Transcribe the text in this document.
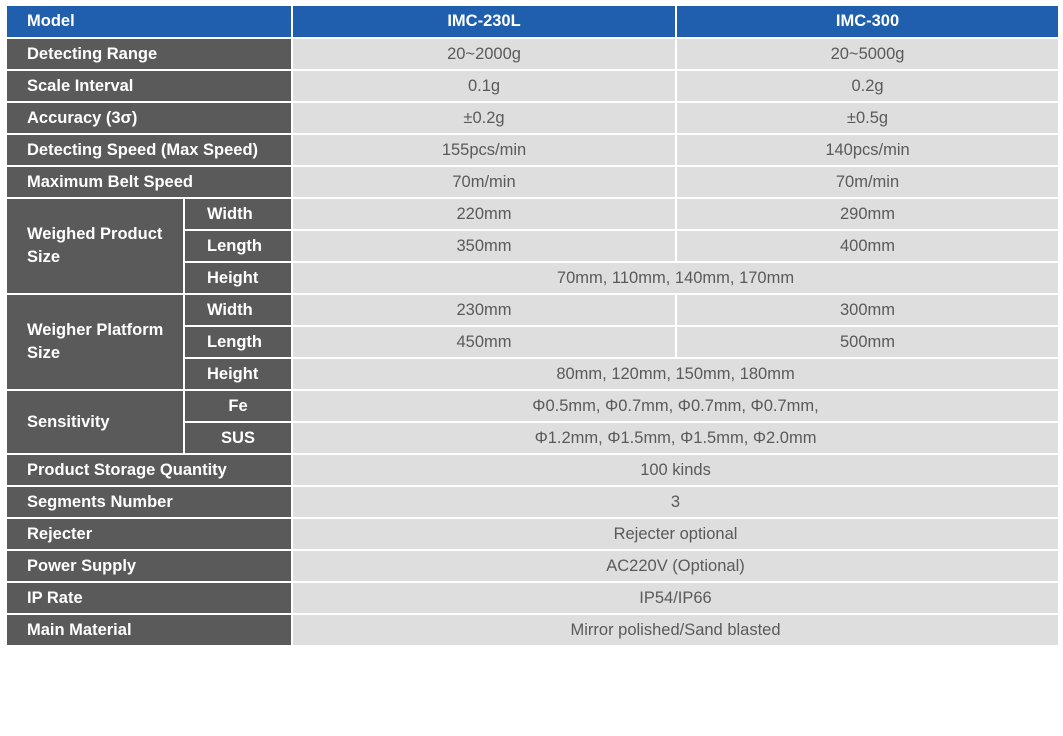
Model		IMC-230L	IMC-300
Detecting Range		20~2000g	20~5000g
Scale Interval		0.1g	0.2g
Accuracy (3σ)		±0.2g	±0.5g
Detecting Speed (Max Speed)		155pcs/min	140pcs/min
Maximum Belt Speed		70m/min	70m/min
Weighed Product
Size	Width	220mm	290mm
	Length	350mm	400mm
	Height	70mm, 110mm, 140mm, 170mm	
Weigher Platform
Size	Width	230mm	300mm
	Length	450mm	500mm
	Height	80mm, 120mm, 150mm, 180mm	
Sensitivity	Fe	Φ0.5mm, Φ0.7mm, Φ0.7mm, Φ0.7mm,	
	SUS	Φ1.2mm, Φ1.5mm, Φ1.5mm, Φ2.0mm	
Product Storage Quantity		100 kinds	
Segments Number		3	
Rejecter		Rejecter optional	
Power Supply		AC220V (Optional)	
IP Rate		IP54/IP66	
Main Material		Mirror polished/Sand blasted	
